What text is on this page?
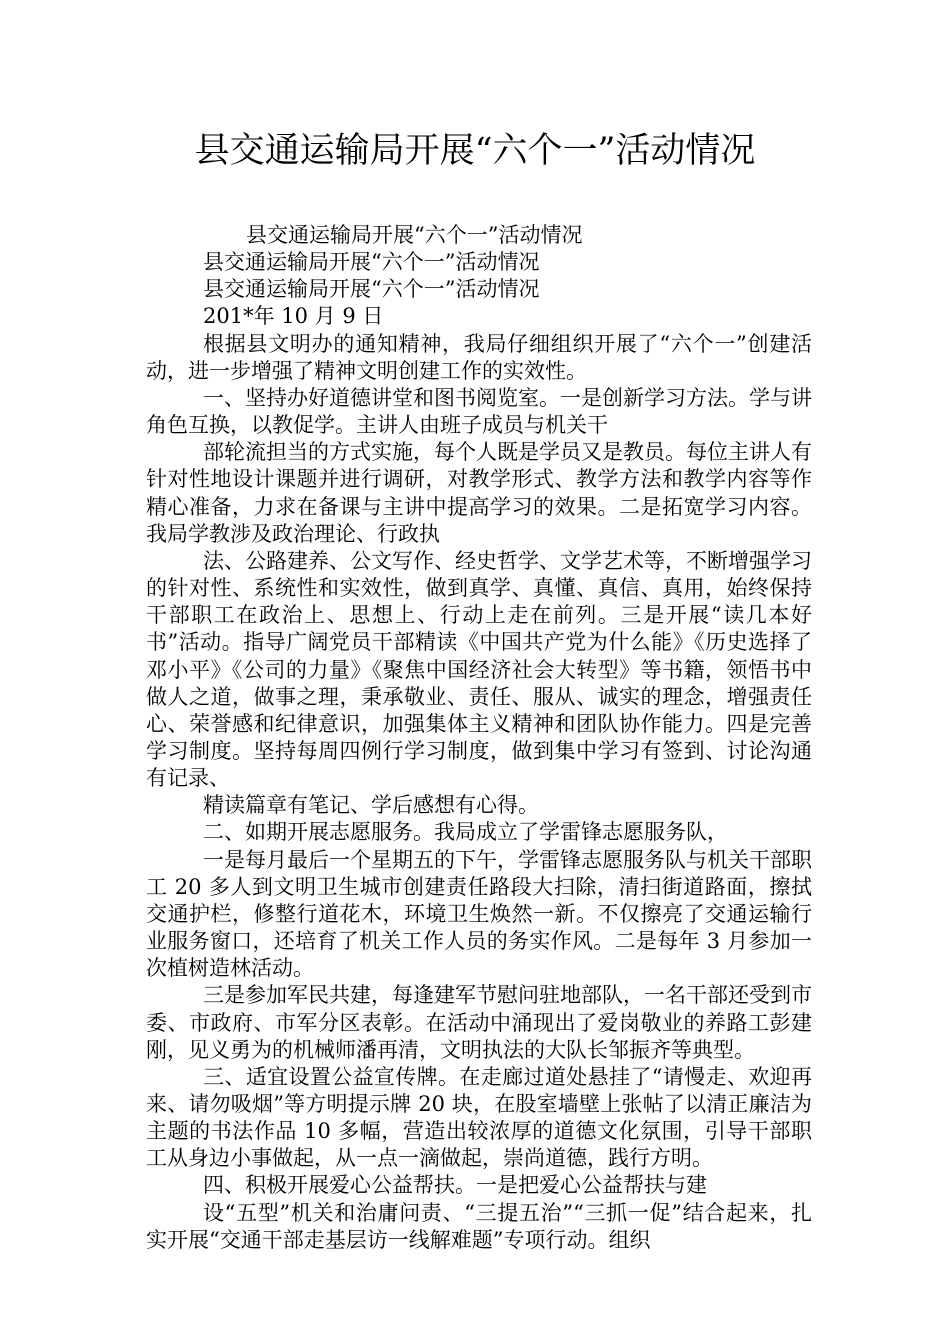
县交通运输局开展“六个一”活动情况

县交通运输局开展“六个一”活动情况

县交通运输局开展“六个一”活动情况

县交通运输局开展“六个一”活动情况

201*年 10 月 9 日

根据县文明办的通知精神，我局仔细组织开展了“六个一”创建活动，进一步增强了精神文明创建工作的实效性。

一、坚持办好道德讲堂和图书阅览室。一是创新学习方法。学与讲角色互换，以教促学。主讲人由班子成员与机关干

部轮流担当的方式实施，每个人既是学员又是教员。每位主讲人有针对性地设计课题并进行调研，对教学形式、教学方法和教学内容等作精心准备，力求在备课与主讲中提高学习的效果。二是拓宽学习内容。我局学教涉及政治理论、行政执

法、公路建养、公文写作、经史哲学、文学艺术等，不断增强学习的针对性、系统性和实效性，做到真学、真懂、真信、真用，始终保持干部职工在政治上、思想上、行动上走在前列。三是开展“读几本好书”活动。指导广阔党员干部精读《中国共产党为什么能》《历史选择了邓小平》《公司的力量》《聚焦中国经济社会大转型》等书籍，领悟书中做人之道，做事之理，秉承敬业、责任、服从、诚实的理念，增强责任心、荣誉感和纪律意识，加强集体主义精神和团队协作能力。四是完善学习制度。坚持每周四例行学习制度，做到集中学习有签到、讨论沟通有记录、

精读篇章有笔记、学后感想有心得。

二、如期开展志愿服务。我局成立了学雷锋志愿服务队，

一是每月最后一个星期五的下午，学雷锋志愿服务队与机关干部职工 20 多人到文明卫生城市创建责任路段大扫除，清扫街道路面，擦拭交通护栏，修整行道花木，环境卫生焕然一新。不仅擦亮了交通运输行业服务窗口，还培育了机关工作人员的务实作风。二是每年 3 月参加一次植树造林活动。

三是参加军民共建，每逢建军节慰问驻地部队，一名干部还受到市委、市政府、市军分区表彰。在活动中涌现出了爱岗敬业的养路工彭建刚，见义勇为的机械师潘再清，文明执法的大队长邹振齐等典型。

三、适宜设置公益宣传牌。在走廊过道处悬挂了“请慢走、欢迎再来、请勿吸烟”等方明提示牌 20 块，在股室墙壁上张帖了以清正廉洁为主题的书法作品 10 多幅，营造出较浓厚的道德文化氛围，引导干部职工从身边小事做起，从一点一滴做起，崇尚道德，践行方明。

四、积极开展爱心公益帮扶。一是把爱心公益帮扶与建

设“五型”机关和治庸问责、“三提五治”“三抓一促”结合起来，扎实开展“交通干部走基层访一线解难题”专项行动。组织
